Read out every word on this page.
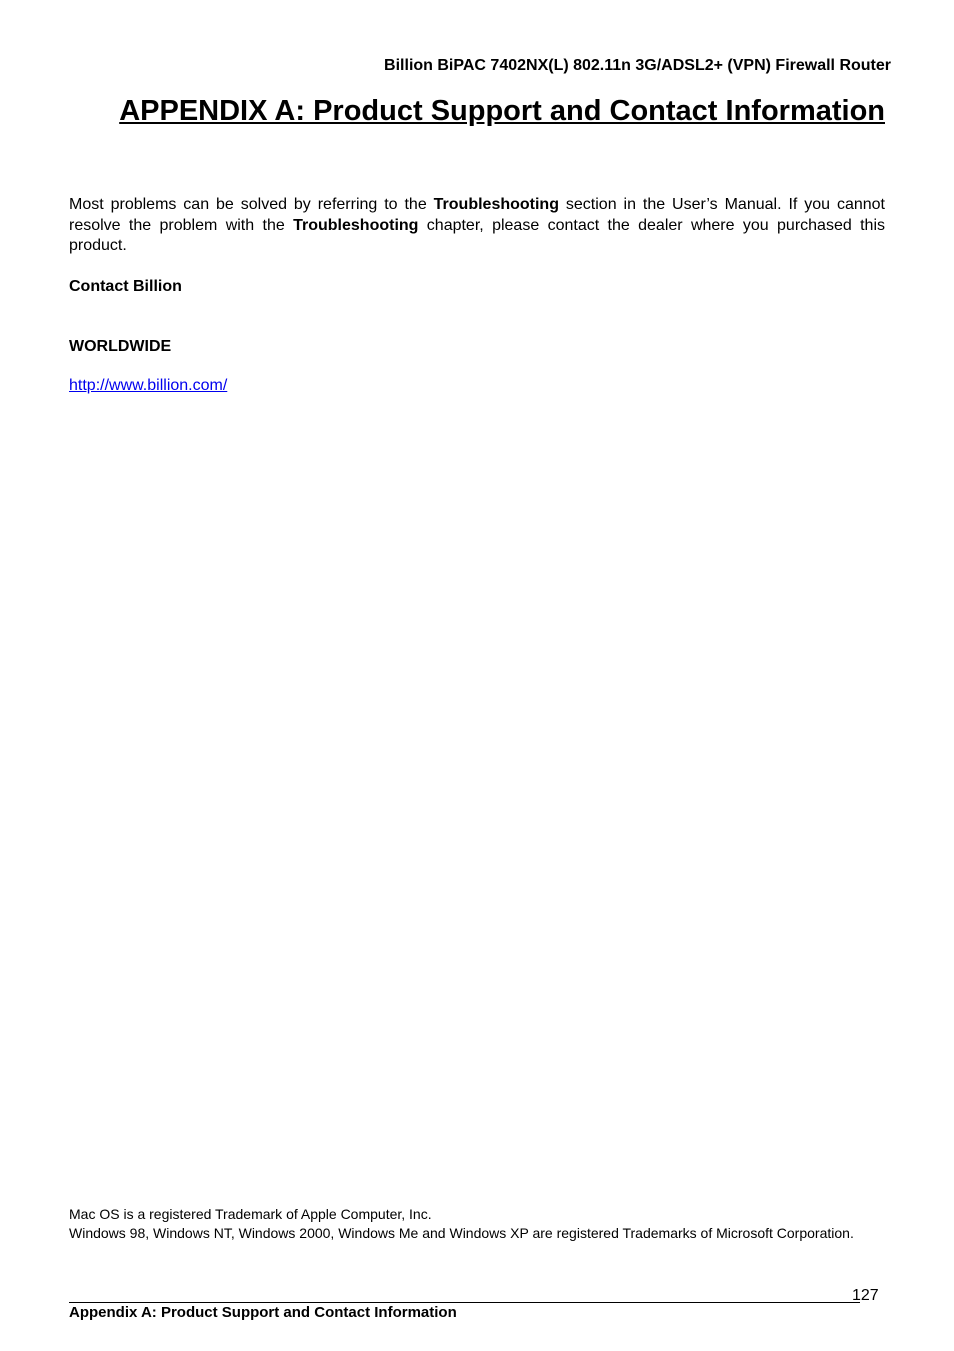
Billion BiPAC 7402NX(L) 802.11n 3G/ADSL2+ (VPN) Firewall Router
APPENDIX A: Product Support and Contact Information

Most problems can be solved by referring to the Troubleshooting section in the User’s Manual. If you cannot resolve the problem with the Troubleshooting chapter, please contact the dealer where you purchased this product.

Contact Billion
WORLDWIDE
http://www.billion.com/

Mac OS is a registered Trademark of Apple Computer, Inc.
Windows 98, Windows NT, Windows 2000, Windows Me and Windows XP are registered Trademarks of Microsoft Corporation.

127
Appendix A: Product Support and Contact Information
